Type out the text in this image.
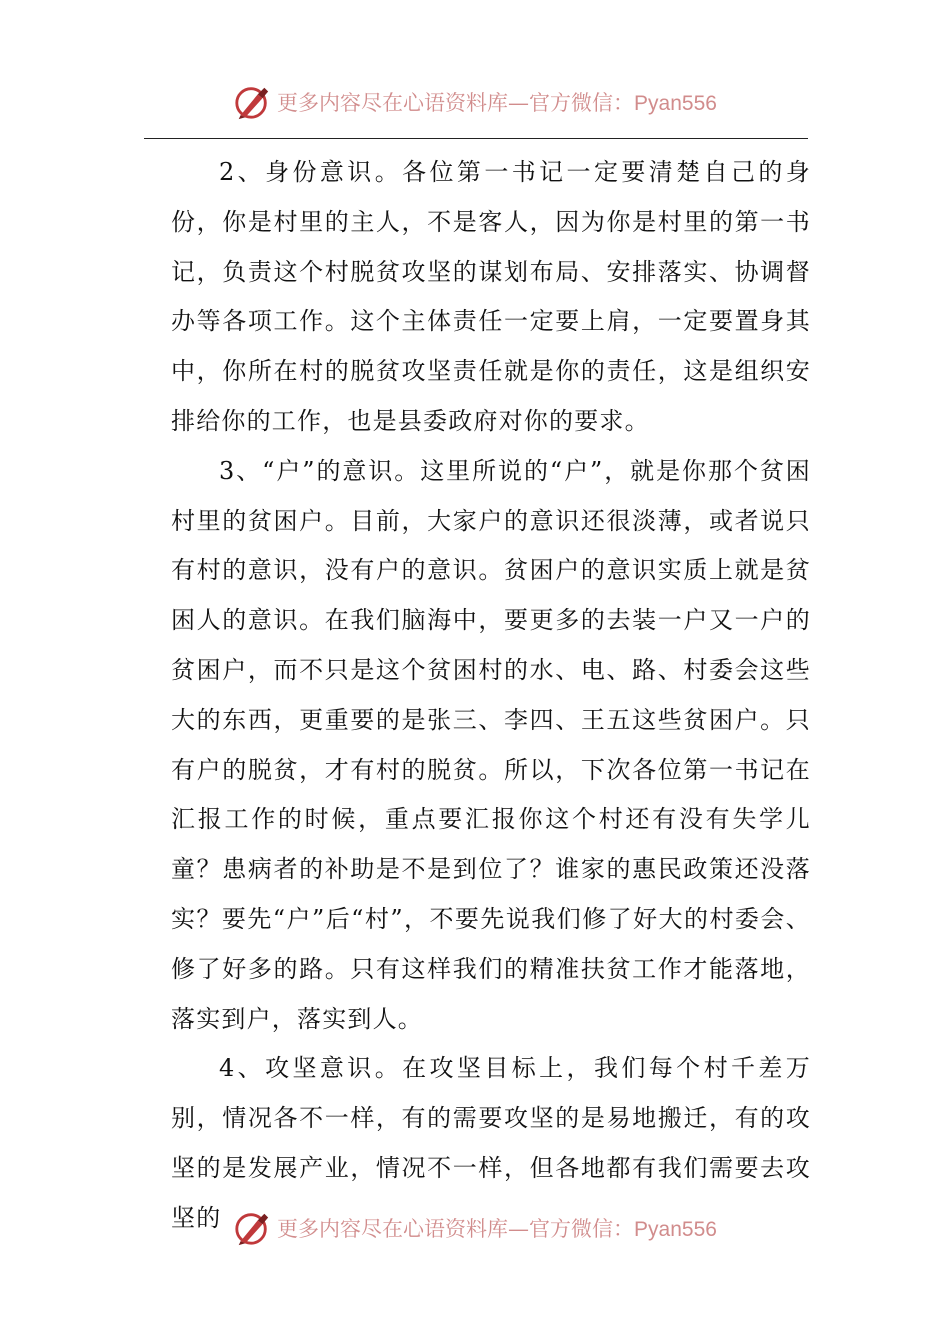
更多内容尽在心语资料库—官方微信：Pyan556

2、身份意识。各位第一书记一定要清楚自己的身份，你是村里的主人，不是客人，因为你是村里的第一书记，负责这个村脱贫攻坚的谋划布局、安排落实、协调督办等各项工作。这个主体责任一定要上肩，一定要置身其中，你所在村的脱贫攻坚责任就是你的责任，这是组织安排给你的工作，也是县委政府对你的要求。

3、“户”的意识。这里所说的“户”，就是你那个贫困村里的贫困户。目前，大家户的意识还很淡薄，或者说只有村的意识，没有户的意识。贫困户的意识实质上就是贫困人的意识。在我们脑海中，要更多的去装一户又一户的贫困户，而不只是这个贫困村的水、电、路、村委会这些大的东西，更重要的是张三、李四、王五这些贫困户。只有户的脱贫，才有村的脱贫。所以，下次各位第一书记在汇报工作的时候，重点要汇报你这个村还有没有失学儿童？患病者的补助是不是到位了？谁家的惠民政策还没落实？要先“户”后“村”，不要先说我们修了好大的村委会、修了好多的路。只有这样我们的精准扶贫工作才能落地，落实到户，落实到人。

4、攻坚意识。在攻坚目标上，我们每个村千差万别，情况各不一样，有的需要攻坚的是易地搬迁，有的攻坚的是发展产业，情况不一样，但各地都有我们需要去攻坚的	更多内容尽在心语资料库—官方微信：Pyan556
